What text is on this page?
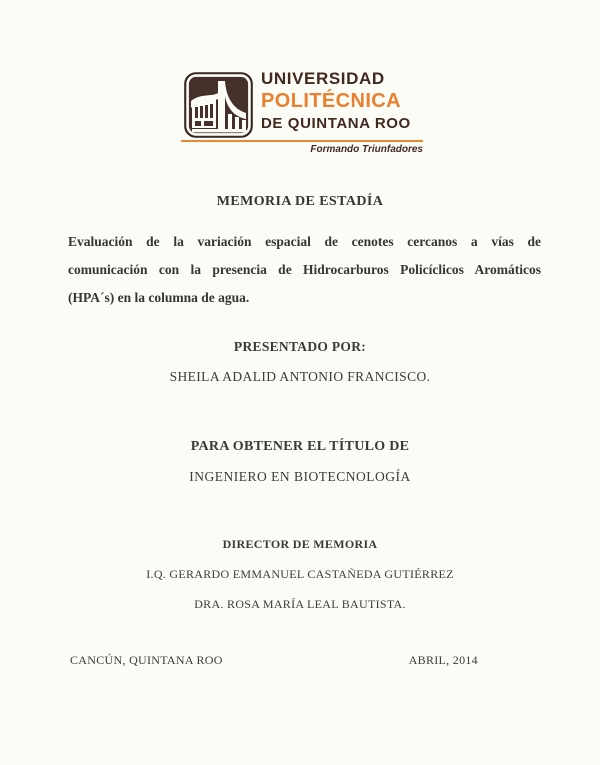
UNIVERSIDAD
POLITÉCNICA
DE QUINTANA ROO
Formando Triunfadores
MEMORIA DE ESTADÍA
Evaluación de la variación espacial de cenotes cercanos a vías de
comunicación con la presencia de Hidrocarburos Policíclicos Aromáticos
(HPA´s) en la columna de agua.
PRESENTADO POR:
SHEILA ADALID ANTONIO FRANCISCO.
PARA OBTENER EL TÍTULO DE
INGENIERO EN BIOTECNOLOGÍA
DIRECTOR DE MEMORIA
I.Q. GERARDO EMMANUEL CASTAÑEDA GUTIÉRREZ
DRA. ROSA MARÍA LEAL BAUTISTA.
CANCÚN, QUINTANA ROO	ABRIL, 2014
